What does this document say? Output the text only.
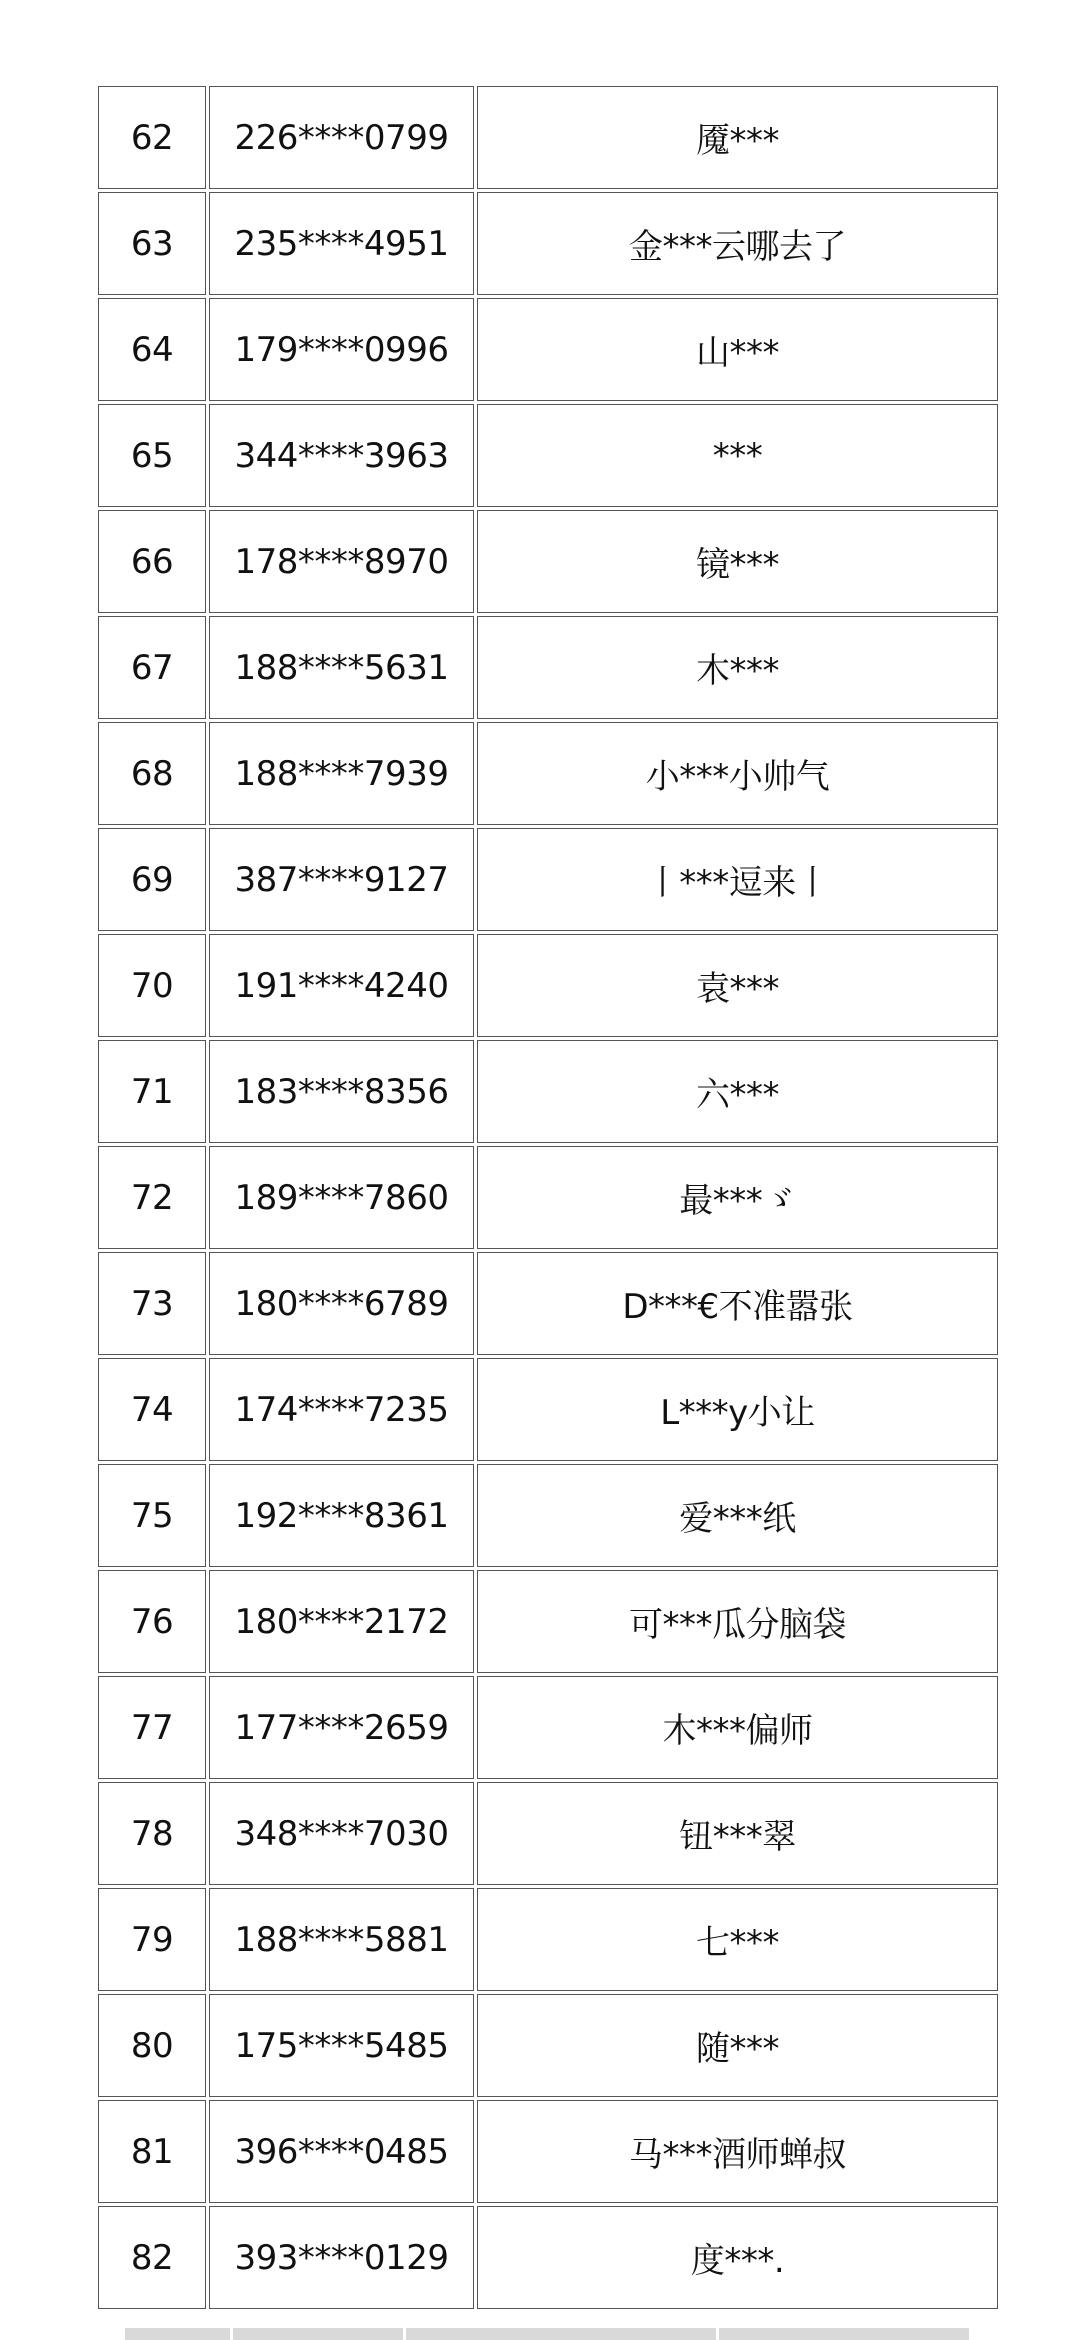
62	226****0799	魇***
63	235****4951	金***云哪去了
64	179****0996	山***
65	344****3963	***
66	178****8970	镜***
67	188****5631	木***
68	188****7939	小***小帅气
69	387****9127	丨***逗来丨
70	191****4240	袁***
71	183****8356	六***
72	189****7860	最***ゞ
73	180****6789	D***€不准嚣张
74	174****7235	L***y小让
75	192****8361	爱***纸
76	180****2172	可***瓜分脑袋
77	177****2659	木***偏师
78	348****7030	钮***翠
79	188****5881	七***
80	175****5485	随***
81	396****0485	马***酒师蝉叔
82	393****0129	度***.
